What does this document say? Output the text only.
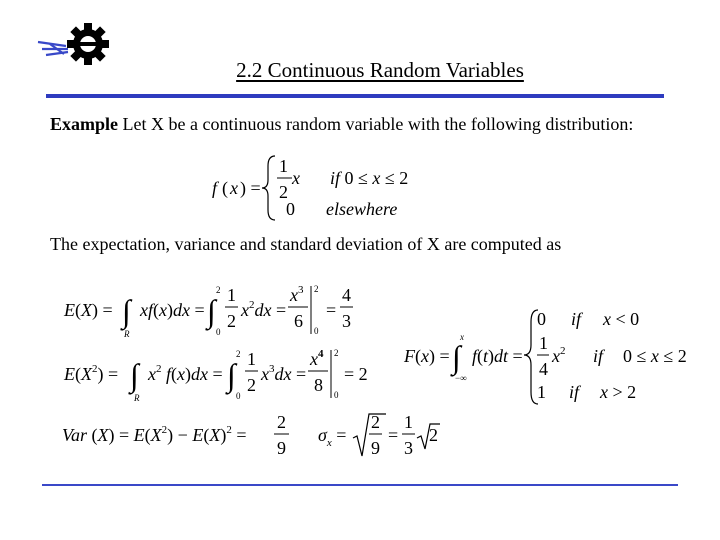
2.2 Continuous Random Variables
Example Let X be a continuous random variable with the following distribution:
The expectation, variance and standard deviation of X are computed as
f ( x ) =
1
2
x if 0 ≤ x ≤ 2
0 elsewhere
E(X) = ∫
R
xf(x)dx = ∫
2
0
1
2
$x^2dx$ =
$x^3$
6
2
0
=
4
3
$E(X^2)$ = ∫
R
$x^2$ f(x)dx = ∫
2
0
1
2
$x^3dx$ =
$x^4$
8
2
0
= 2
Var $(X) = E(X^2) - E(X)^2$ =
2
9
$\sigma_x$ =
2
9
=
1
3
2
F(x) = ∫
x
−∞
f(t)dt =
0 if x < 0
1
4
$x^2$ if 0 ≤ x ≤ 2
1 if x > 2
